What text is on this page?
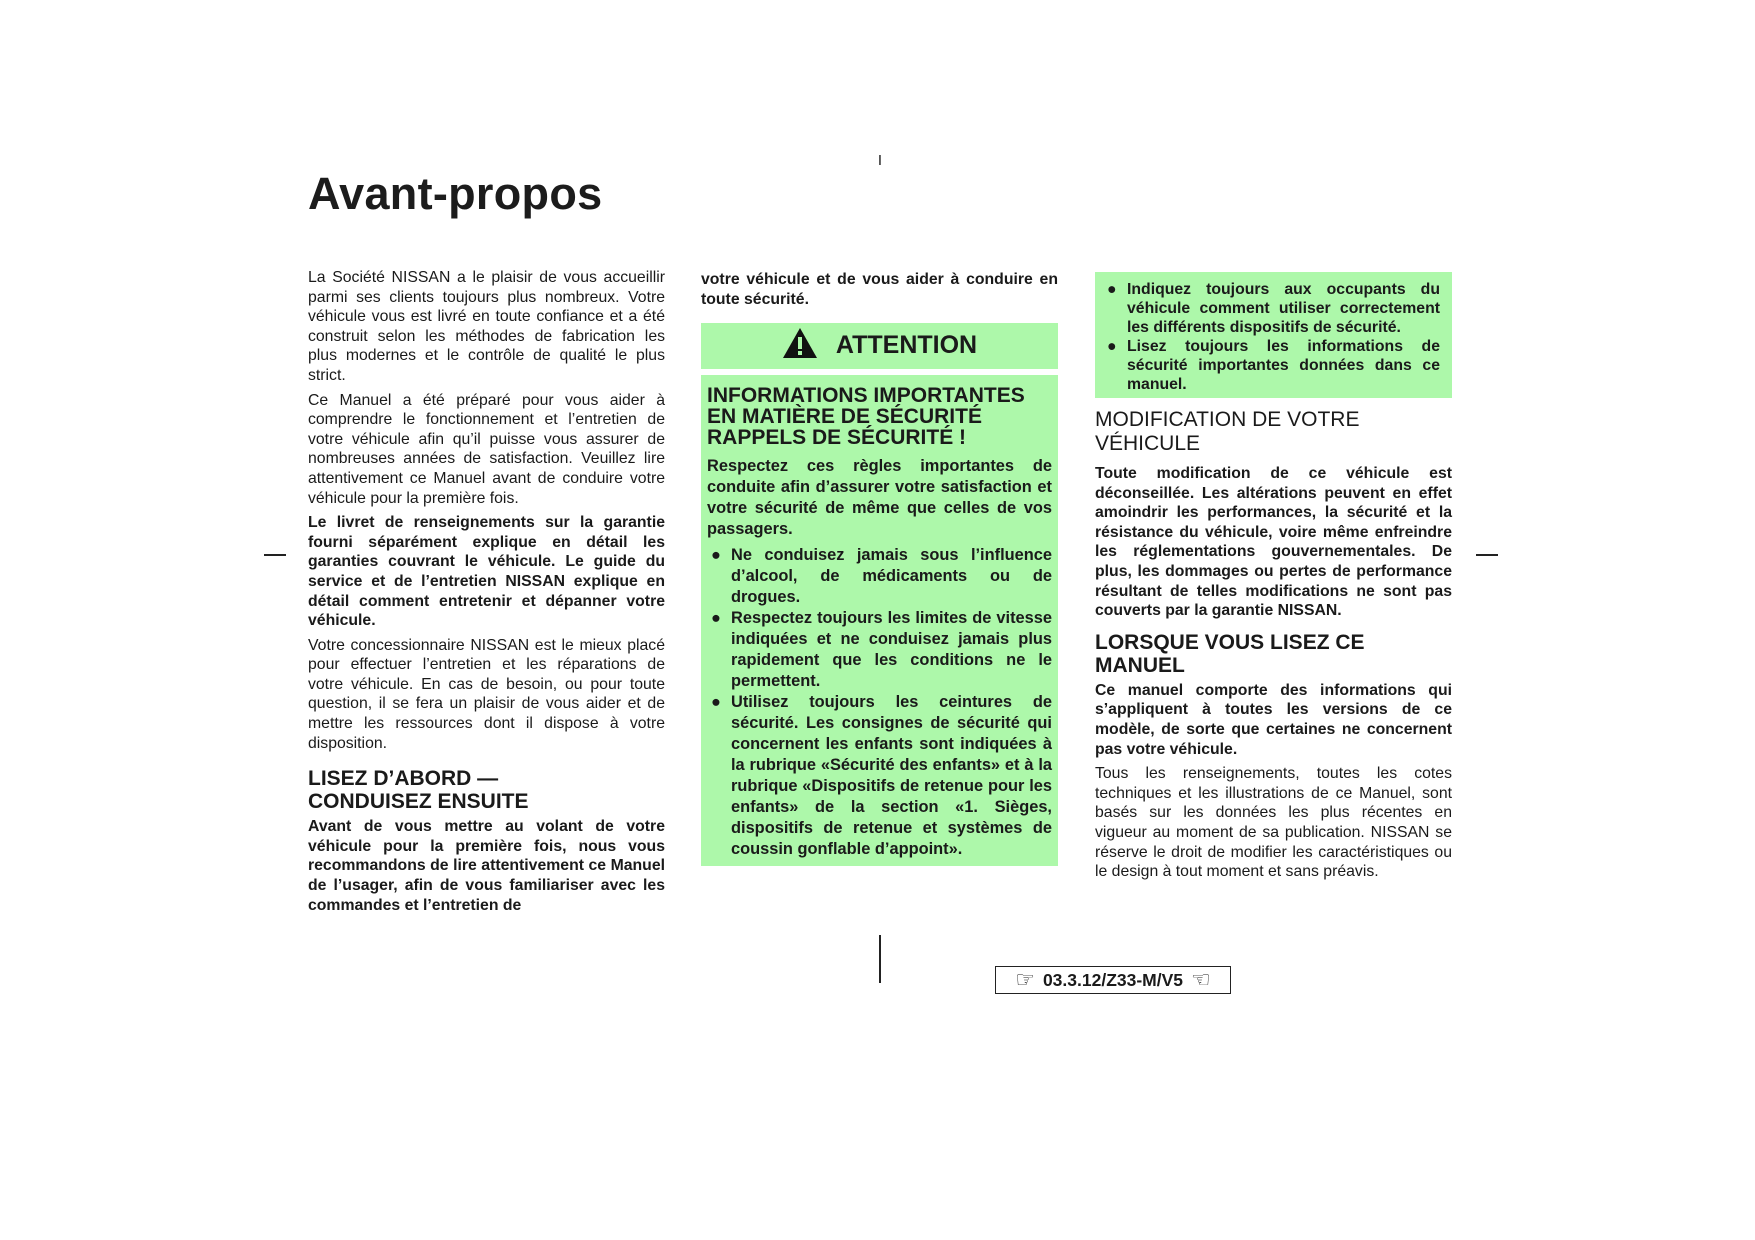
I
Avant-propos

La Société NISSAN a le plaisir de vous accueillir parmi ses clients toujours plus nombreux. Votre véhicule vous est livré en toute confiance et a été construit selon les méthodes de fabrication les plus modernes et le contrôle de qualité le plus strict.

Ce Manuel a été préparé pour vous aider à comprendre le fonctionnement et l’entretien de votre véhicule afin qu’il puisse vous assurer de nombreuses années de satisfaction. Veuillez lire attentivement ce Manuel avant de conduire votre véhicule pour la première fois.

Le livret de renseignements sur la garantie fourni séparément explique en détail les garanties couvrant le véhicule. Le guide du service et de l’entretien NISSAN explique en détail comment entretenir et dépanner votre véhicule.

Votre concessionnaire NISSAN est le mieux placé pour effectuer l’entretien et les réparations de votre véhicule. En cas de besoin, ou pour toute question, il se fera un plaisir de vous aider et de mettre les ressources dont il dispose à votre disposition.

LISEZ D’ABORD —
CONDUISEZ ENSUITE

Avant de vous mettre au volant de votre véhicule pour la première fois, nous vous recommandons de lire attentivement ce Manuel de l’usager, afin de vous familiariser avec les commandes et l’entretien de

votre véhicule et de vous aider à conduire en toute sécurité.

ATTENTION
INFORMATIONS IMPORTANTES
EN MATIÈRE DE SÉCURITÉ
RAPPELS DE SÉCURITÉ !

Respectez ces règles importantes de conduite afin d’assurer votre satisfaction et votre sécurité de même que celles de vos passagers.

● Ne conduisez jamais sous l’influence d’alcool, de médicaments ou de drogues.
● Respectez toujours les limites de vitesse indiquées et ne conduisez jamais plus rapidement que les conditions ne le permettent.
● Utilisez toujours les ceintures de sécurité. Les consignes de sécurité qui concernent les enfants sont indiquées à la rubrique «Sécurité des enfants» et à la rubrique «Dispositifs de retenue pour les enfants» de la section «1. Sièges, dispositifs de retenue et systèmes de coussin gonflable d’appoint».
● Indiquez toujours aux occupants du véhicule comment utiliser correctement les différents dispositifs de sécurité.
● Lisez toujours les informations de sécurité importantes données dans ce manuel.
MODIFICATION DE VOTRE
VÉHICULE

Toute modification de ce véhicule est déconseillée. Les altérations peuvent en effet amoindrir les performances, la sécurité et la résistance du véhicule, voire même enfreindre les réglementations gouvernementales. De plus, les dommages ou pertes de performance résultant de telles modifications ne sont pas couverts par la garantie NISSAN.

LORSQUE VOUS LISEZ CE
MANUEL

Ce manuel comporte des informations qui s’appliquent à toutes les versions de ce modèle, de sorte que certaines ne concernent pas votre véhicule.

Tous les renseignements, toutes les cotes techniques et les illustrations de ce Manuel, sont basés sur les données les plus récentes en vigueur au moment de sa publication. NISSAN se réserve le droit de modifier les caractéristiques ou le design à tout moment et sans préavis.

☞ 03.3.12/Z33-M/V5 ☜
